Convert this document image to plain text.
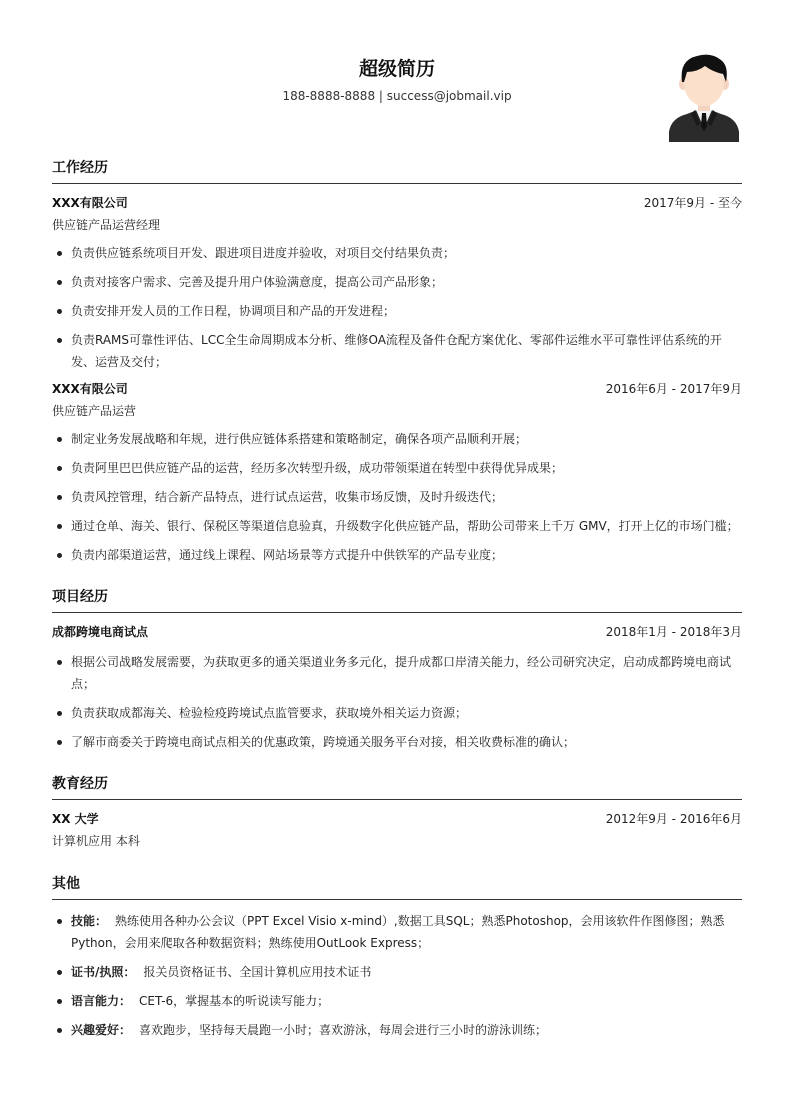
超级简历
188-8888-8888 | success@jobmail.vip
工作经历
XXX有限公司	2017年9月 - 至今
供应链产品运营经理
负责供应链系统项目开发、跟进项目进度并验收，对项目交付结果负责；
负责对接客户需求、完善及提升用户体验满意度，提高公司产品形象；
负责安排开发人员的工作日程，协调项目和产品的开发进程；
负责RAMS可靠性评估、LCC全生命周期成本分析、维修OA流程及备件仓配方案优化、零部件运维水平可靠性评估系统的开发、运营及交付；
XXX有限公司	2016年6月 - 2017年9月
供应链产品运营
制定业务发展战略和年规，进行供应链体系搭建和策略制定，确保各项产品顺利开展；
负责阿里巴巴供应链产品的运营，经历多次转型升级，成功带领渠道在转型中获得优异成果；
负责风控管理，结合新产品特点，进行试点运营，收集市场反馈，及时升级迭代；
通过仓单、海关、银行、保税区等渠道信息验真，升级数字化供应链产品，帮助公司带来上千万 GMV，打开上亿的市场门槛；
负责内部渠道运营，通过线上课程、网站场景等方式提升中供铁军的产品专业度；
项目经历
成都跨境电商试点	2018年1月 - 2018年3月
根据公司战略发展需要，为获取更多的通关渠道业务多元化，提升成都口岸清关能力，经公司研究决定，启动成都跨境电商试点；
负责获取成都海关、检验检疫跨境试点监管要求，获取境外相关运力资源；
了解市商委关于跨境电商试点相关的优惠政策，跨境通关服务平台对接，相关收费标准的确认；
教育经历
XX 大学	2012年9月 - 2016年6月
计算机应用 本科
其他
技能： 熟练使用各种办公会议（PPT Excel Visio x-mind）,数据工具SQL；熟悉Photoshop，会用该软件作图修图；熟悉Python，会用来爬取各种数据资料；熟练使用OutLook Express；
证书/执照： 报关员资格证书、全国计算机应用技术证书
语言能力： CET-6，掌握基本的听说读写能力；
兴趣爱好： 喜欢跑步，坚持每天晨跑一小时；喜欢游泳，每周会进行三小时的游泳训练；
